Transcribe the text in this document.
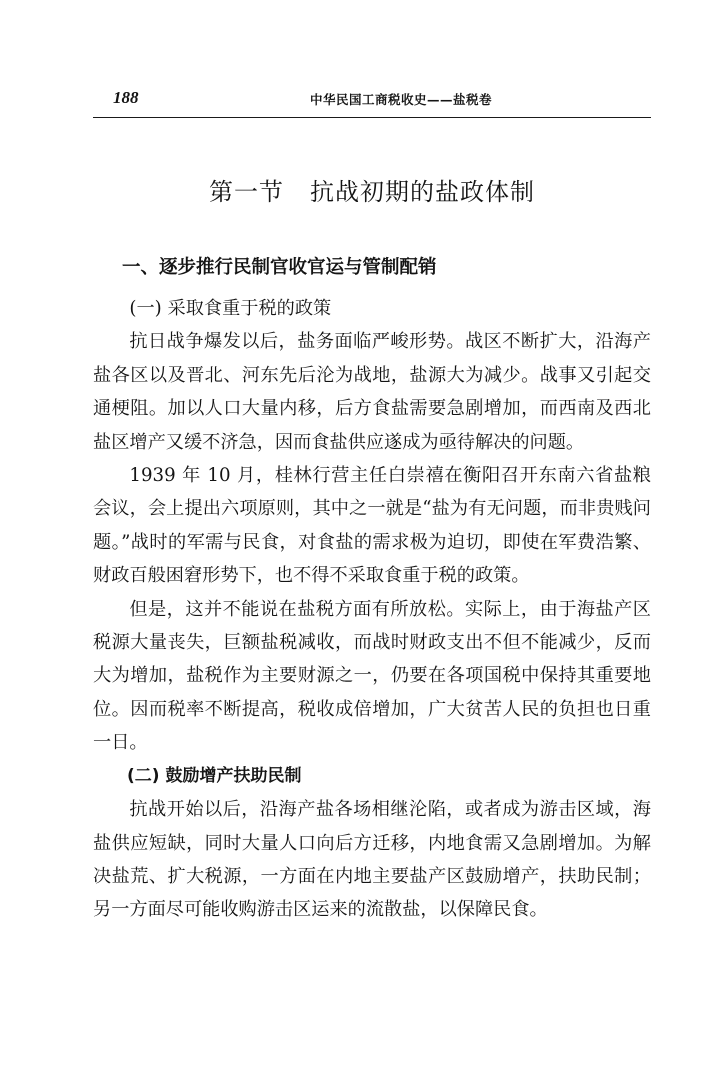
188	中华民国工商税收史——盐税卷
第一节 抗战初期的盐政体制
一、逐步推行民制官收官运与管制配销

(一) 采取食重于税的政策

抗日战争爆发以后，盐务面临严峻形势。战区不断扩大，沿海产盐各区以及晋北、河东先后沦为战地，盐源大为减少。战事又引起交通梗阻。加以人口大量内移，后方食盐需要急剧增加，而西南及西北盐区增产又缓不济急，因而食盐供应遂成为亟待解决的问题。

1939 年 10 月，桂林行营主任白崇禧在衡阳召开东南六省盐粮会议，会上提出六项原则，其中之一就是“盐为有无问题，而非贵贱问题。”战时的军需与民食，对食盐的需求极为迫切，即使在军费浩繁、财政百般困窘形势下，也不得不采取食重于税的政策。

但是，这并不能说在盐税方面有所放松。实际上，由于海盐产区税源大量丧失，巨额盐税减收，而战时财政支出不但不能减少，反而大为增加，盐税作为主要财源之一，仍要在各项国税中保持其重要地位。因而税率不断提高，税收成倍增加，广大贫苦人民的负担也日重一日。

(二) 鼓励增产扶助民制

抗战开始以后，沿海产盐各场相继沦陷，或者成为游击区域，海盐供应短缺，同时大量人口向后方迁移，内地食需又急剧增加。为解决盐荒、扩大税源，一方面在内地主要盐产区鼓励增产，扶助民制；另一方面尽可能收购游击区运来的流散盐，以保障民食。
